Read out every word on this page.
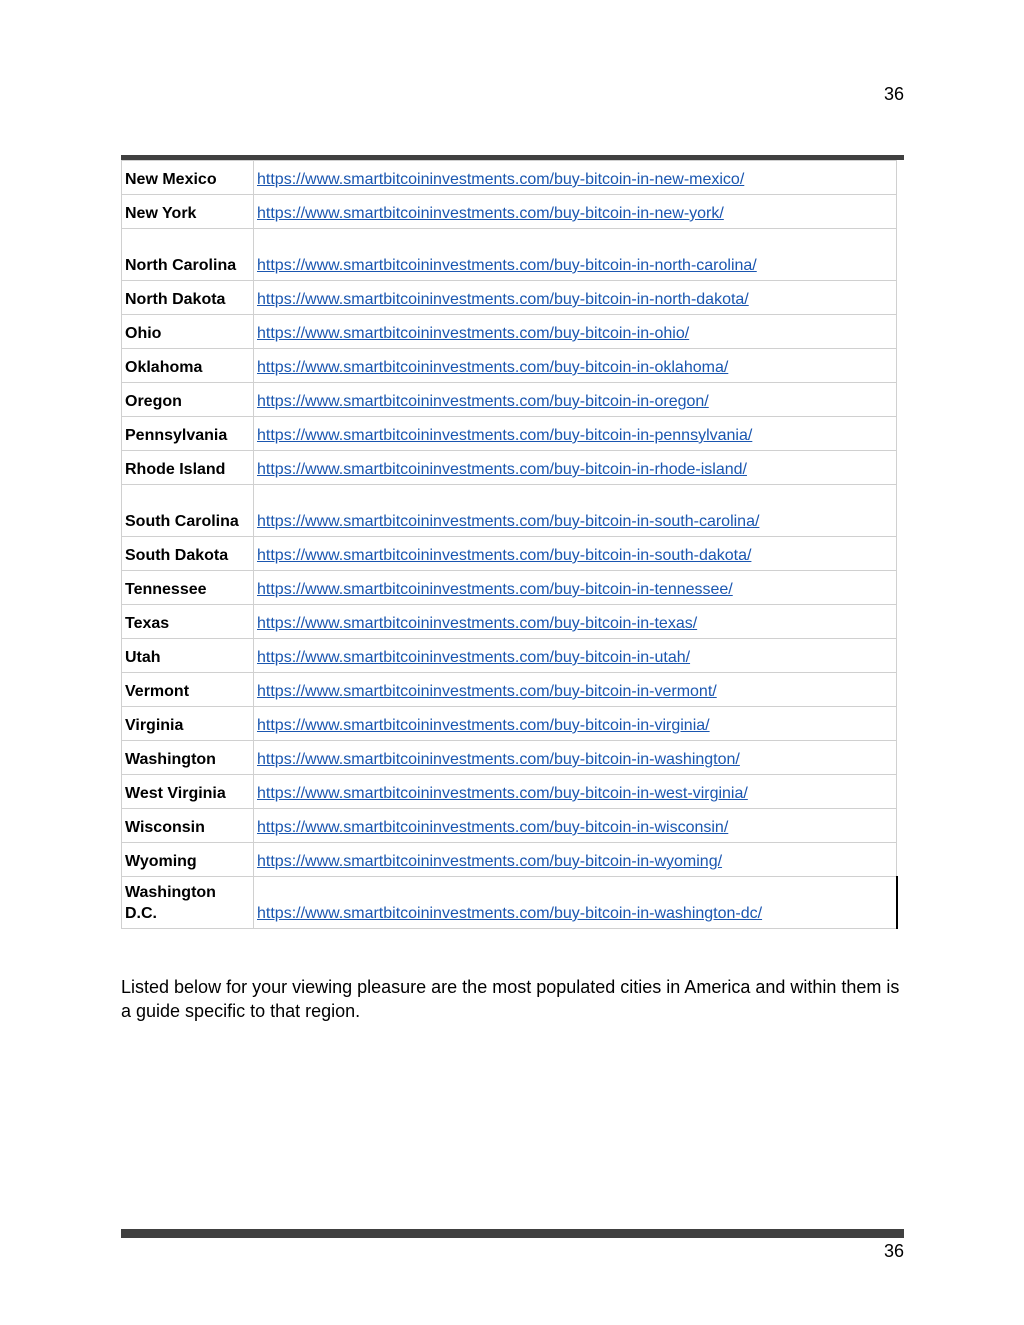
36
New Mexico	https://www.smartbitcoininvestments.com/buy-bitcoin-in-new-mexico/
New York	https://www.smartbitcoininvestments.com/buy-bitcoin-in-new-york/
North Carolina	https://www.smartbitcoininvestments.com/buy-bitcoin-in-north-carolina/
North Dakota	https://www.smartbitcoininvestments.com/buy-bitcoin-in-north-dakota/
Ohio	https://www.smartbitcoininvestments.com/buy-bitcoin-in-ohio/
Oklahoma	https://www.smartbitcoininvestments.com/buy-bitcoin-in-oklahoma/
Oregon	https://www.smartbitcoininvestments.com/buy-bitcoin-in-oregon/
Pennsylvania	https://www.smartbitcoininvestments.com/buy-bitcoin-in-pennsylvania/
Rhode Island	https://www.smartbitcoininvestments.com/buy-bitcoin-in-rhode-island/
South Carolina	https://www.smartbitcoininvestments.com/buy-bitcoin-in-south-carolina/
South Dakota	https://www.smartbitcoininvestments.com/buy-bitcoin-in-south-dakota/
Tennessee	https://www.smartbitcoininvestments.com/buy-bitcoin-in-tennessee/
Texas	https://www.smartbitcoininvestments.com/buy-bitcoin-in-texas/
Utah	https://www.smartbitcoininvestments.com/buy-bitcoin-in-utah/
Vermont	https://www.smartbitcoininvestments.com/buy-bitcoin-in-vermont/
Virginia	https://www.smartbitcoininvestments.com/buy-bitcoin-in-virginia/
Washington	https://www.smartbitcoininvestments.com/buy-bitcoin-in-washington/
West Virginia	https://www.smartbitcoininvestments.com/buy-bitcoin-in-west-virginia/
Wisconsin	https://www.smartbitcoininvestments.com/buy-bitcoin-in-wisconsin/
Wyoming	https://www.smartbitcoininvestments.com/buy-bitcoin-in-wyoming/
Washington D.C.	https://www.smartbitcoininvestments.com/buy-bitcoin-in-washington-dc/

Listed below for your viewing pleasure are the most populated cities in America and within them is a guide specific to that region.

36
